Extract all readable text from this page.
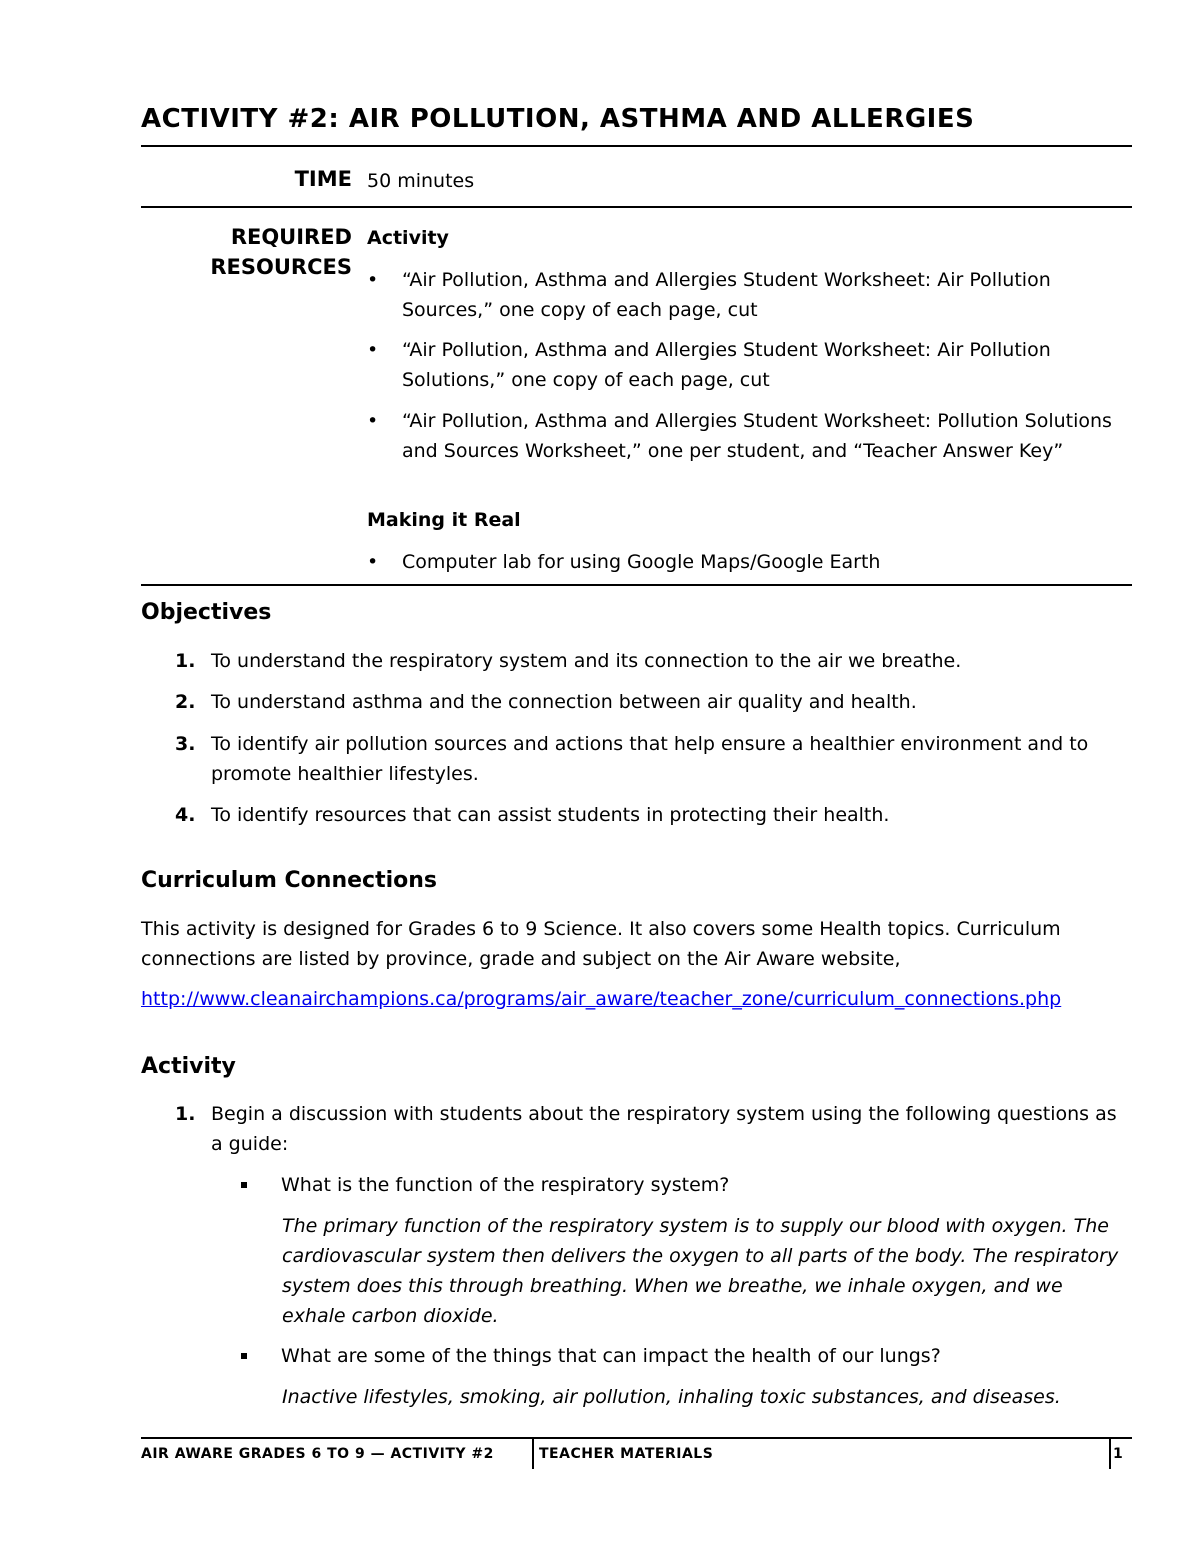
ACTIVITY #2: AIR POLLUTION, ASTHMA AND ALLERGIES
TIME 50 minutes
REQUIRED
RESOURCES
Activity
• “Air Pollution, Asthma and Allergies Student Worksheet: Air Pollution Sources,” one copy of each page, cut
• “Air Pollution, Asthma and Allergies Student Worksheet: Air Pollution Solutions,” one copy of each page, cut
• “Air Pollution, Asthma and Allergies Student Worksheet: Pollution Solutions and Sources Worksheet,” one per student, and “Teacher Answer Key”
Making it Real
• Computer lab for using Google Maps/Google Earth
Objectives
1. To understand the respiratory system and its connection to the air we breathe.
2. To understand asthma and the connection between air quality and health.
3. To identify air pollution sources and actions that help ensure a healthier environment and to promote healthier lifestyles.
4. To identify resources that can assist students in protecting their health.
Curriculum Connections
This activity is designed for Grades 6 to 9 Science. It also covers some Health topics. Curriculum connections are listed by province, grade and subject on the Air Aware website,
http://www.cleanairchampions.ca/programs/air_aware/teacher_zone/curriculum_connections.php
Activity
1. Begin a discussion with students about the respiratory system using the following questions as a guide:
What is the function of the respiratory system?
The primary function of the respiratory system is to supply our blood with oxygen. The cardiovascular system then delivers the oxygen to all parts of the body. The respiratory system does this through breathing. When we breathe, we inhale oxygen, and we exhale carbon dioxide.
What are some of the things that can impact the health of our lungs?
Inactive lifestyles, smoking, air pollution, inhaling toxic substances, and diseases.
AIR AWARE GRADES 6 TO 9 — ACTIVITY #2	TEACHER MATERIALS	1
